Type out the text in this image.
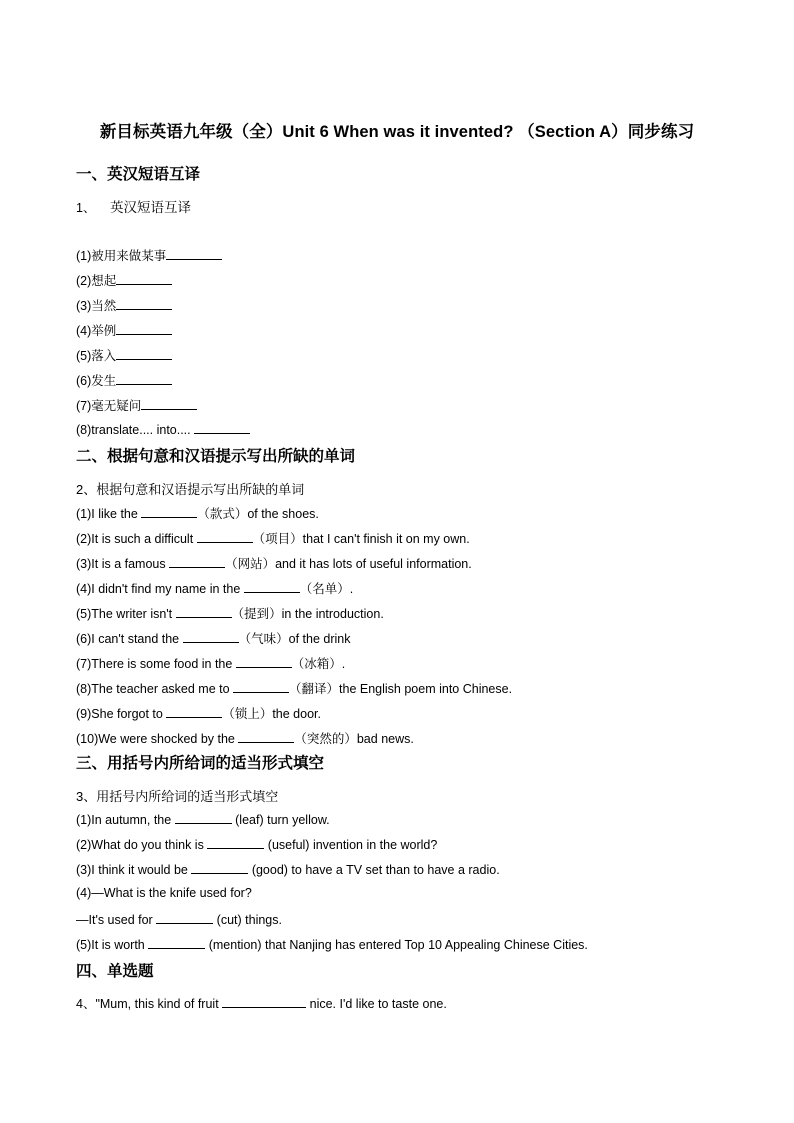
新目标英语九年级（全）Unit 6 When was it invented? （Section A）同步练习
一、英汉短语互译
1、 英汉短语互译
(1)被用来做某事
(2)想起
(3)当然
(4)举例
(5)落入
(6)发生
(7)毫无疑问
(8)translate.... into....
二、根据句意和汉语提示写出所缺的单词
2、根据句意和汉语提示写出所缺的单词
(1)I like the	（款式）of the shoes.
(2)It is such a difficult	（项目）that I can't finish it on my own.
(3)It is a famous	（网站）and it has lots of useful information.
(4)I didn't find my name in the	（名单）.
(5)The writer isn't	（提到）in the introduction.
(6)I can't stand the	（气味）of the drink
(7)There is some food in the	（冰箱）.
(8)The teacher asked me to	（翻译）the English poem into Chinese.
(9)She forgot to	（锁上）the door.
(10)We were shocked by the	（突然的）bad news.
三、用括号内所给词的适当形式填空
3、用括号内所给词的适当形式填空
(1)In autumn, the	(leaf) turn yellow.
(2)What do you think is	(useful) invention in the world?
(3)I think it would be	(good) to have a TV set than to have a radio.
(4)—What is the knife used for?
—It's used for	(cut) things.
(5)It is worth	(mention) that Nanjing has entered Top 10 Appealing Chinese Cities.
四、单选题
4、"Mum, this kind of fruit	nice. I'd like to taste one.
